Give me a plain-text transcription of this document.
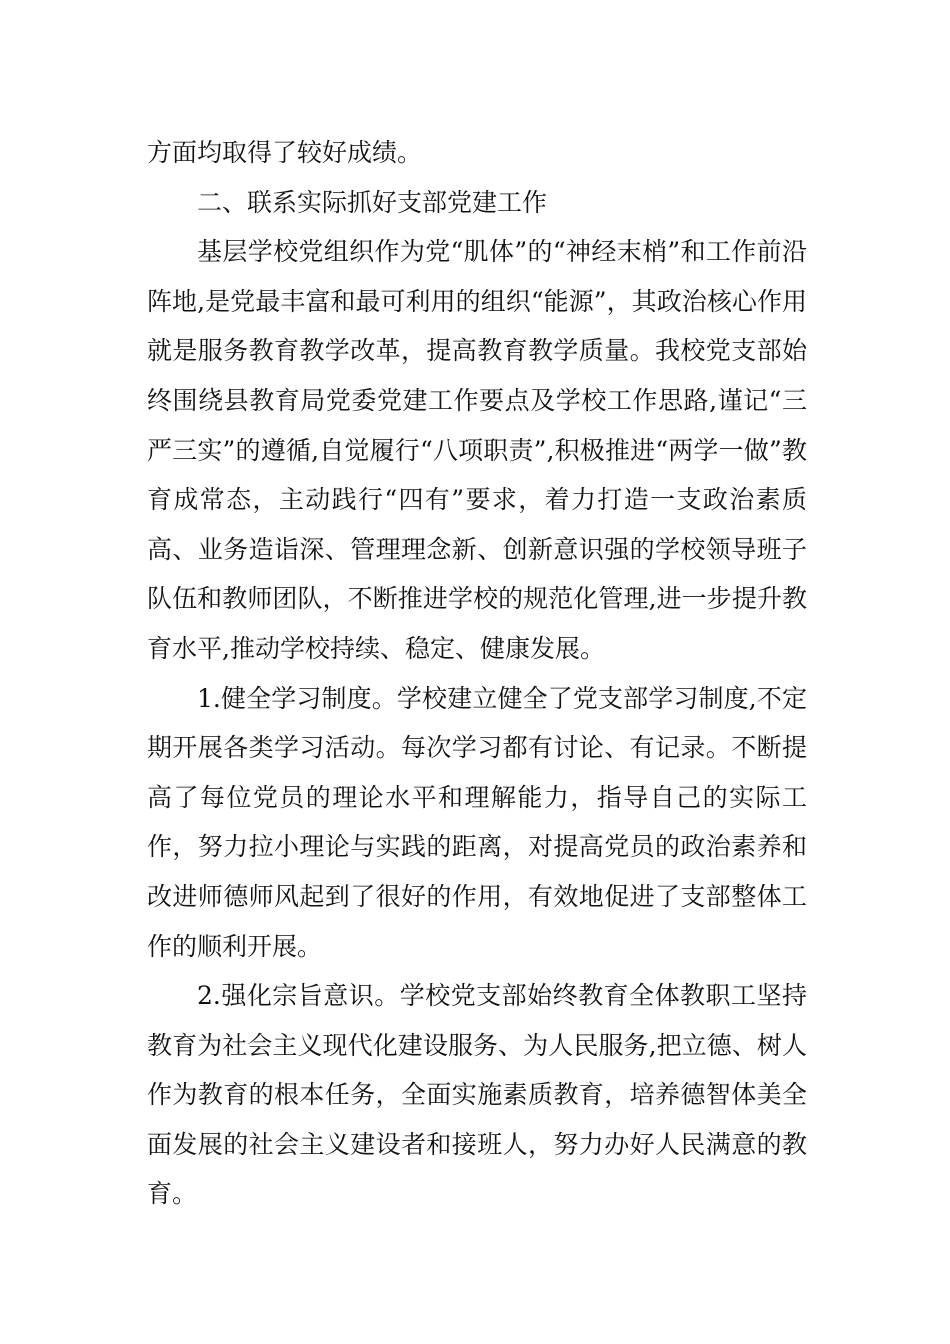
方面均取得了较好成绩。

二、联系实际抓好支部党建工作

基层学校党组织作为党“肌体”的“神经末梢”和工作前沿阵地,是党最丰富和最可利用的组织“能源”，其政治核心作用就是服务教育教学改革，提高教育教学质量。我校党支部始终围绕县教育局党委党建工作要点及学校工作思路,谨记“三严三实”的遵循,自觉履行“八项职责”,积极推进“两学一做”教育成常态，主动践行“四有”要求，着力打造一支政治素质高、业务造诣深、管理理念新、创新意识强的学校领导班子队伍和教师团队，不断推进学校的规范化管理,进一步提升教育水平,推动学校持续、稳定、健康发展。

1.健全学习制度。学校建立健全了党支部学习制度,不定期开展各类学习活动。每次学习都有讨论、有记录。不断提高了每位党员的理论水平和理解能力，指导自己的实际工作，努力拉小理论与实践的距离，对提高党员的政治素养和改进师德师风起到了很好的作用，有效地促进了支部整体工作的顺利开展。

2.强化宗旨意识。学校党支部始终教育全体教职工坚持教育为社会主义现代化建设服务、为人民服务,把立德、树人作为教育的根本任务，全面实施素质教育，培养德智体美全面发展的社会主义建设者和接班人，努力办好人民满意的教育。
